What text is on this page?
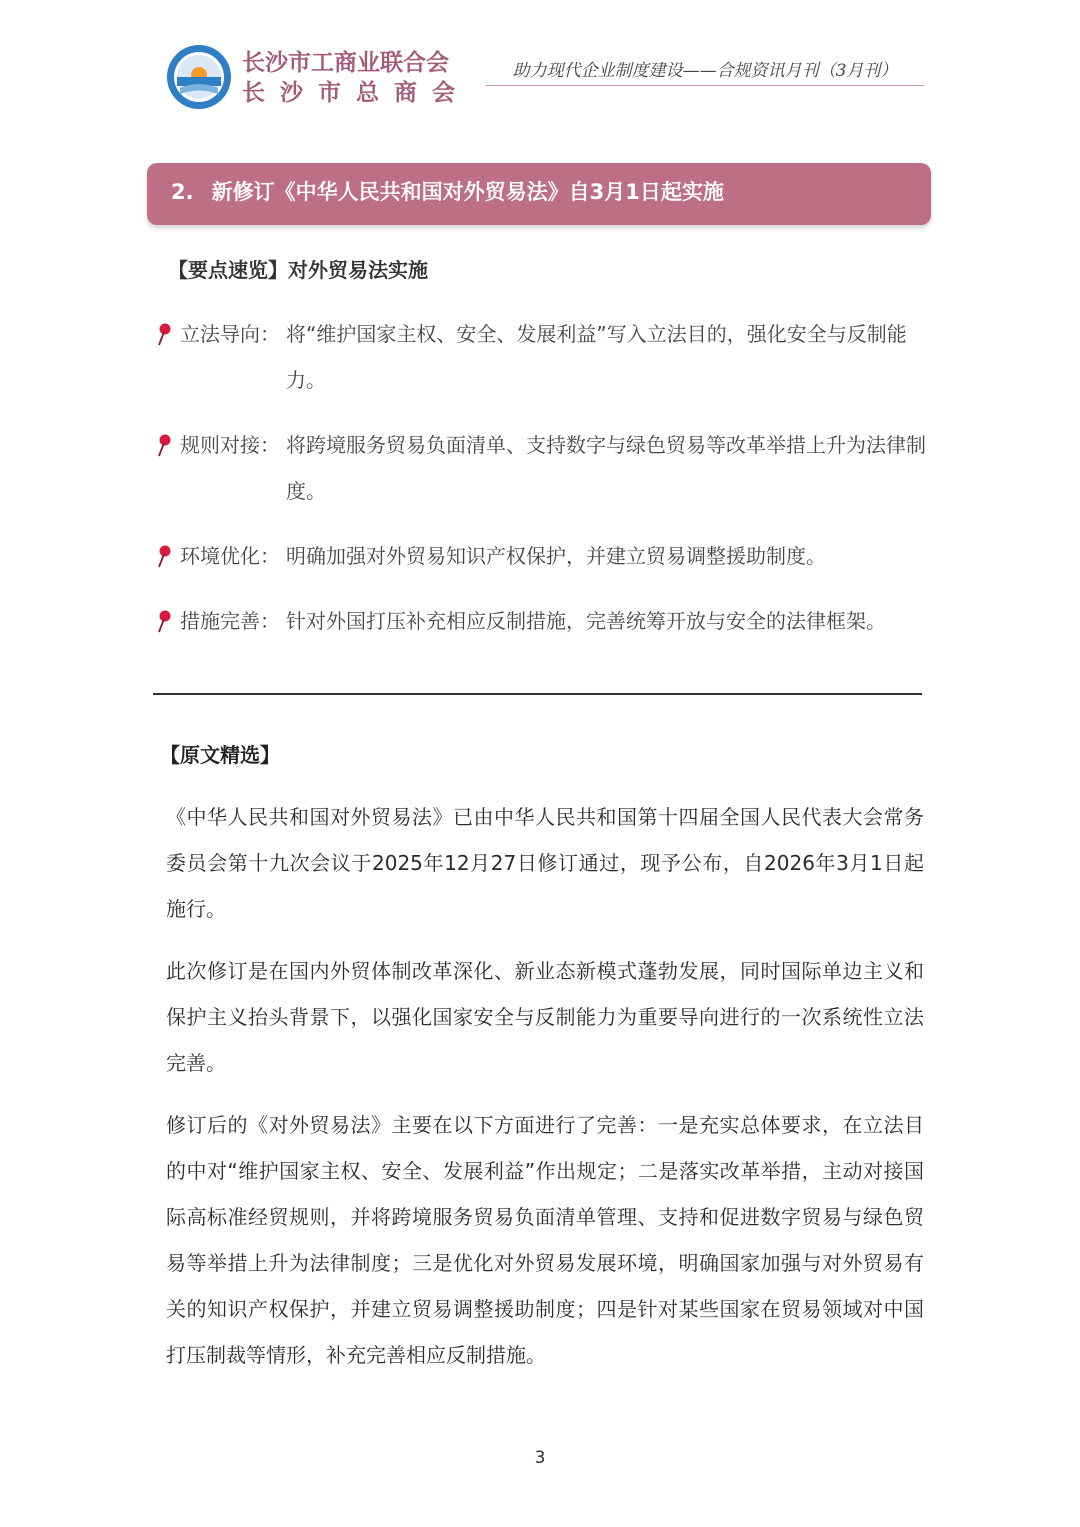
长沙市工商业联合会
长沙市总商会
助力现代企业制度建设——合规资讯月刊（3月刊）
2. 新修订《中华人民共和国对外贸易法》自3月1日起实施
【要点速览】对外贸易法实施
立法导向： 将“维护国家主权、安全、发展利益”写入立法目的，强化安全与反制能力。
规则对接： 将跨境服务贸易负面清单、支持数字与绿色贸易等改革举措上升为法律制度。
环境优化： 明确加强对外贸易知识产权保护，并建立贸易调整援助制度。
措施完善： 针对外国打压补充相应反制措施，完善统筹开放与安全的法律框架。
【原文精选】
《中华人民共和国对外贸易法》已由中华人民共和国第十四届全国人民代表大会常务委员会第十九次会议于2025年12月27日修订通过，现予公布，自2026年3月1日起施行。
此次修订是在国内外贸体制改革深化、新业态新模式蓬勃发展，同时国际单边主义和保护主义抬头背景下，以强化国家安全与反制能力为重要导向进行的一次系统性立法完善。
修订后的《对外贸易法》主要在以下方面进行了完善：一是充实总体要求，在立法目的中对“维护国家主权、安全、发展利益”作出规定；二是落实改革举措，主动对接国际高标准经贸规则，并将跨境服务贸易负面清单管理、支持和促进数字贸易与绿色贸易等举措上升为法律制度；三是优化对外贸易发展环境，明确国家加强与对外贸易有关的知识产权保护，并建立贸易调整援助制度；四是针对某些国家在贸易领域对中国打压制裁等情形，补充完善相应反制措施。
3
